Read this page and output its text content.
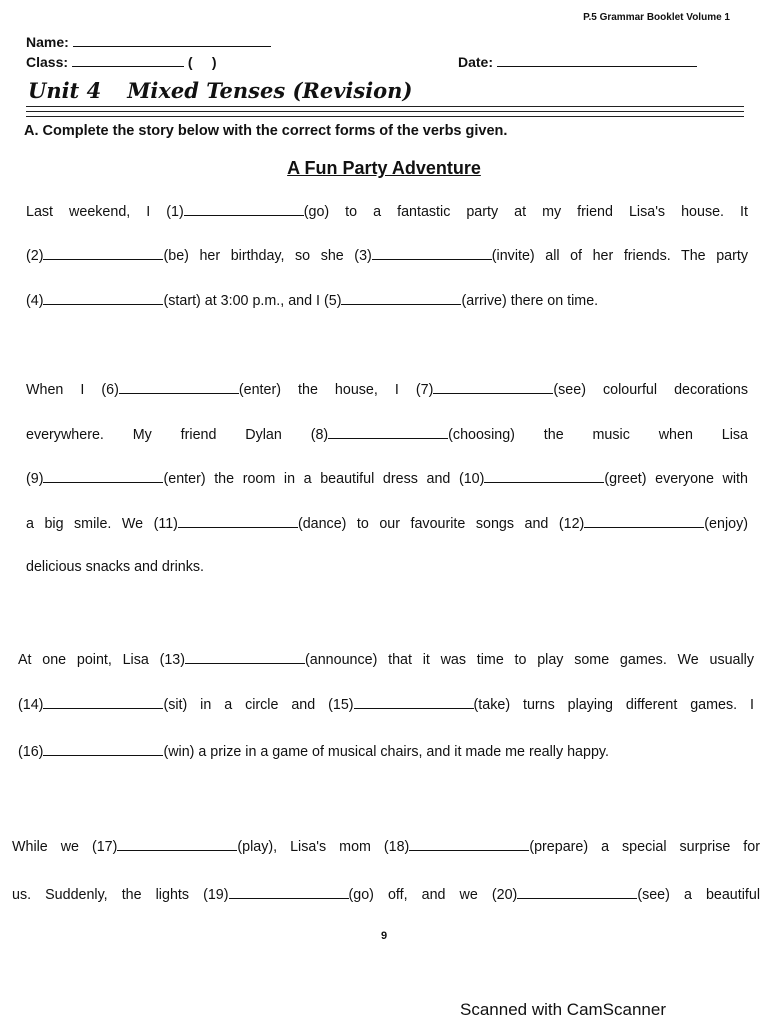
P.5 Grammar Booklet Volume 1
Name:
Class:	(     )	Date:
Unit 4 Mixed Tenses (Revision)
A. Complete the story below with the correct forms of the verbs given.
A Fun Party Adventure
Last weekend, I (1)	(go) to a fantastic party at my friend Lisa's house. It
(2)	(be) her birthday, so she (3)	(invite) all of her friends. The party
(4)	(start) at 3:00 p.m., and I (5)	(arrive) there on time.
When I (6)	(enter) the house, I (7)	(see) colourful decorations
everywhere. My friend Dylan (8)	(choosing) the music when Lisa
(9)	(enter) the room in a beautiful dress and (10)	(greet) everyone with
a big smile. We (11)	(dance) to our favourite songs and (12)	(enjoy)
delicious snacks and drinks.
At one point, Lisa (13)	(announce) that it was time to play some games. We usually
(14)	(sit) in a circle and (15)	(take) turns playing different games. I
(16)	(win) a prize in a game of musical chairs, and it made me really happy.
While we (17)	(play), Lisa's mom (18)	(prepare) a special surprise for
us. Suddenly, the lights (19)	(go) off, and we (20)	(see) a beautiful
9
Scanned with CamScanner
